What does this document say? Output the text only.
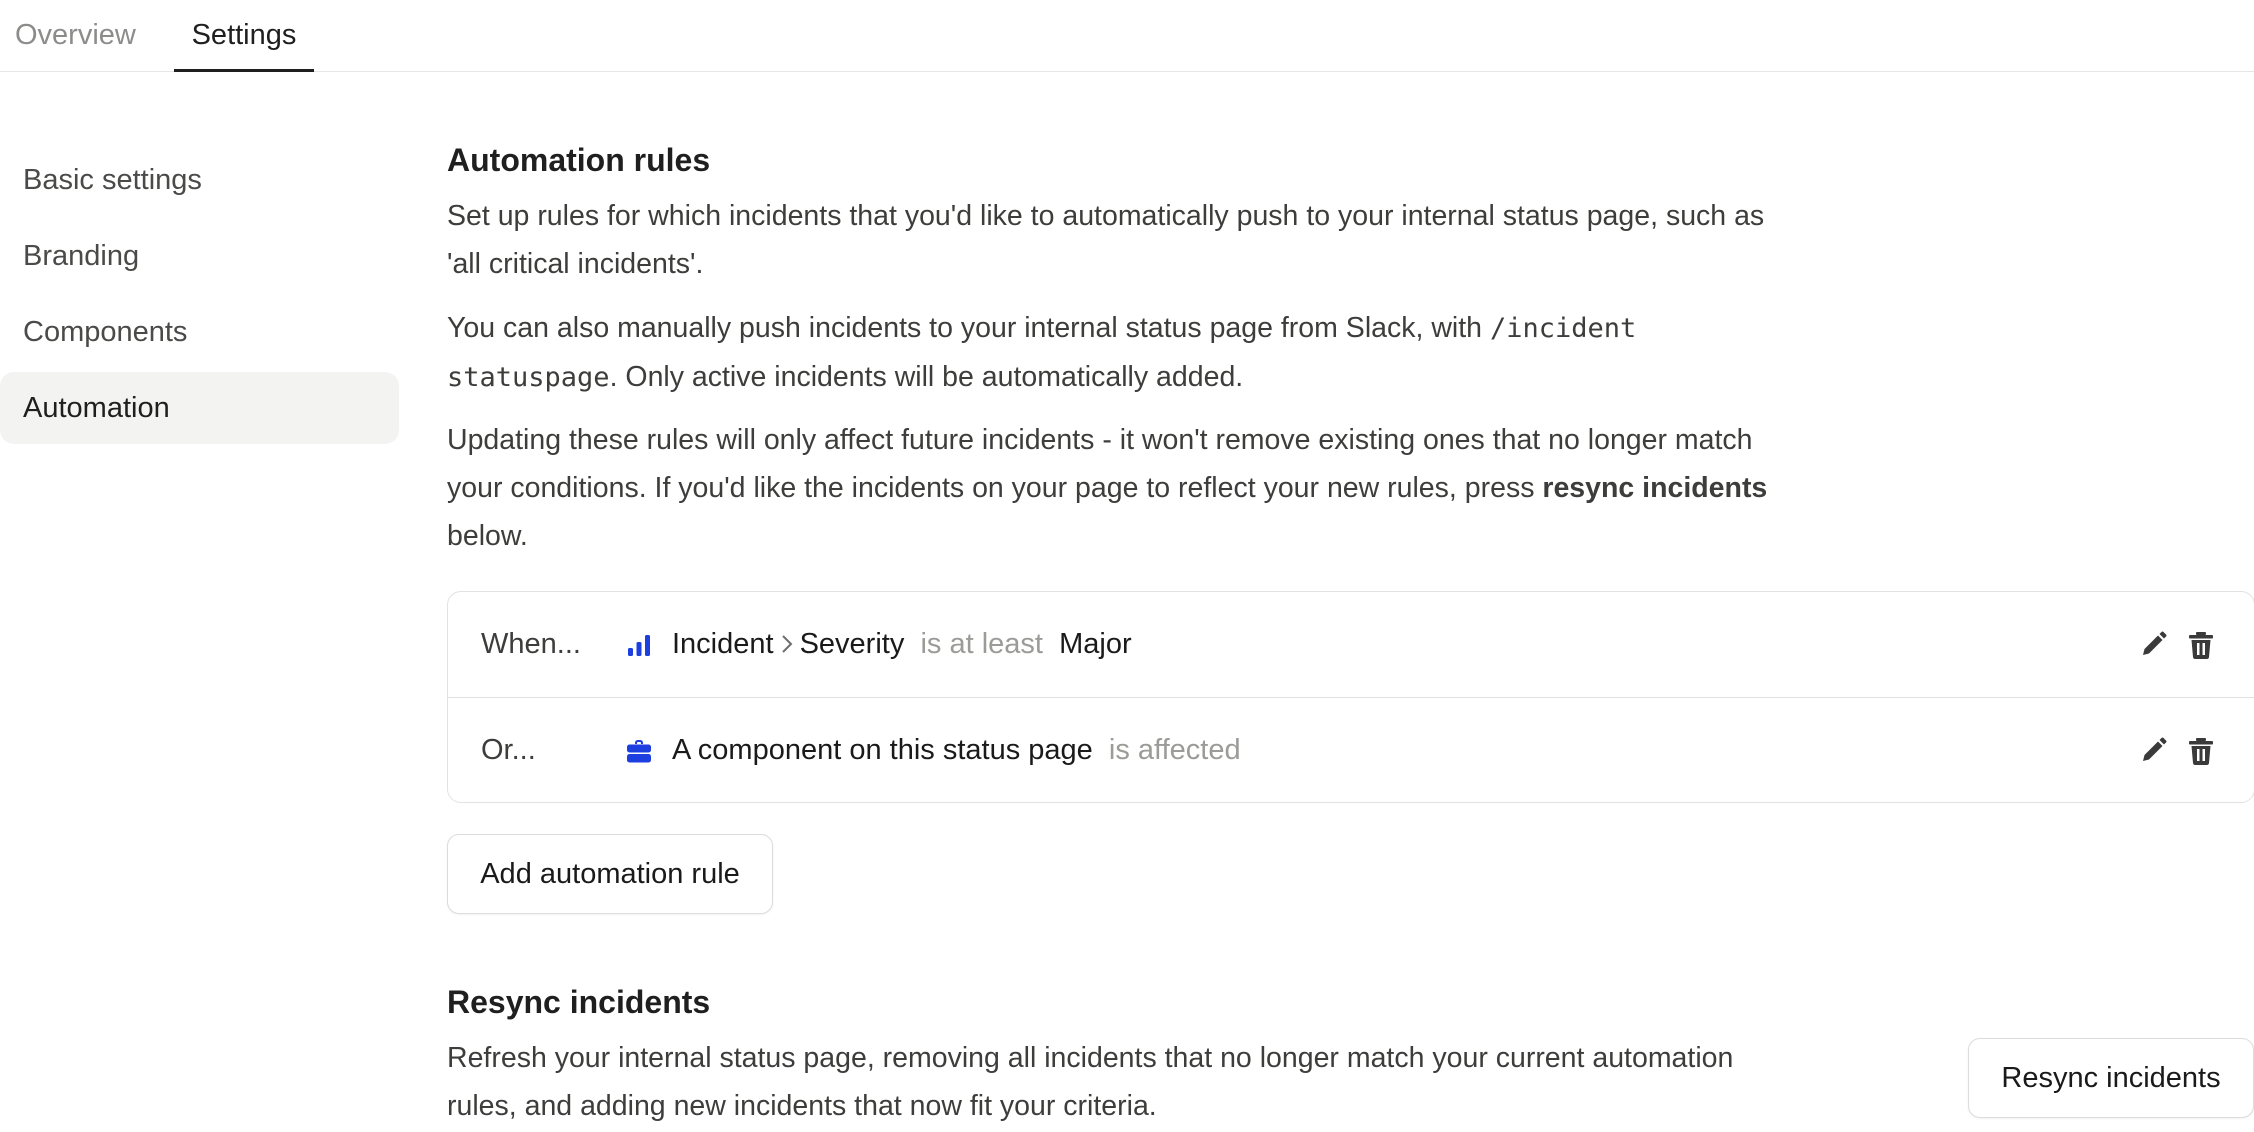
Overview	Settings
Basic settings
Branding
Components
Automation
Automation rules

Set up rules for which incidents that you'd like to automatically push to your internal status page, such as 'all critical incidents'.

You can also manually push incidents to your internal status page from Slack, with /incident statuspage. Only active incidents will be automatically added.

Updating these rules will only affect future incidents - it won't remove existing ones that no longer match your conditions. If you'd like the incidents on your page to reflect your new rules, press resync incidents below.

When...	Incident Severity is at least Major
Or...	A component on this status page is affected
Add automation rule
Resync incidents

Refresh your internal status page, removing all incidents that no longer match your current automation rules, and adding new incidents that now fit your criteria.

Resync incidents
